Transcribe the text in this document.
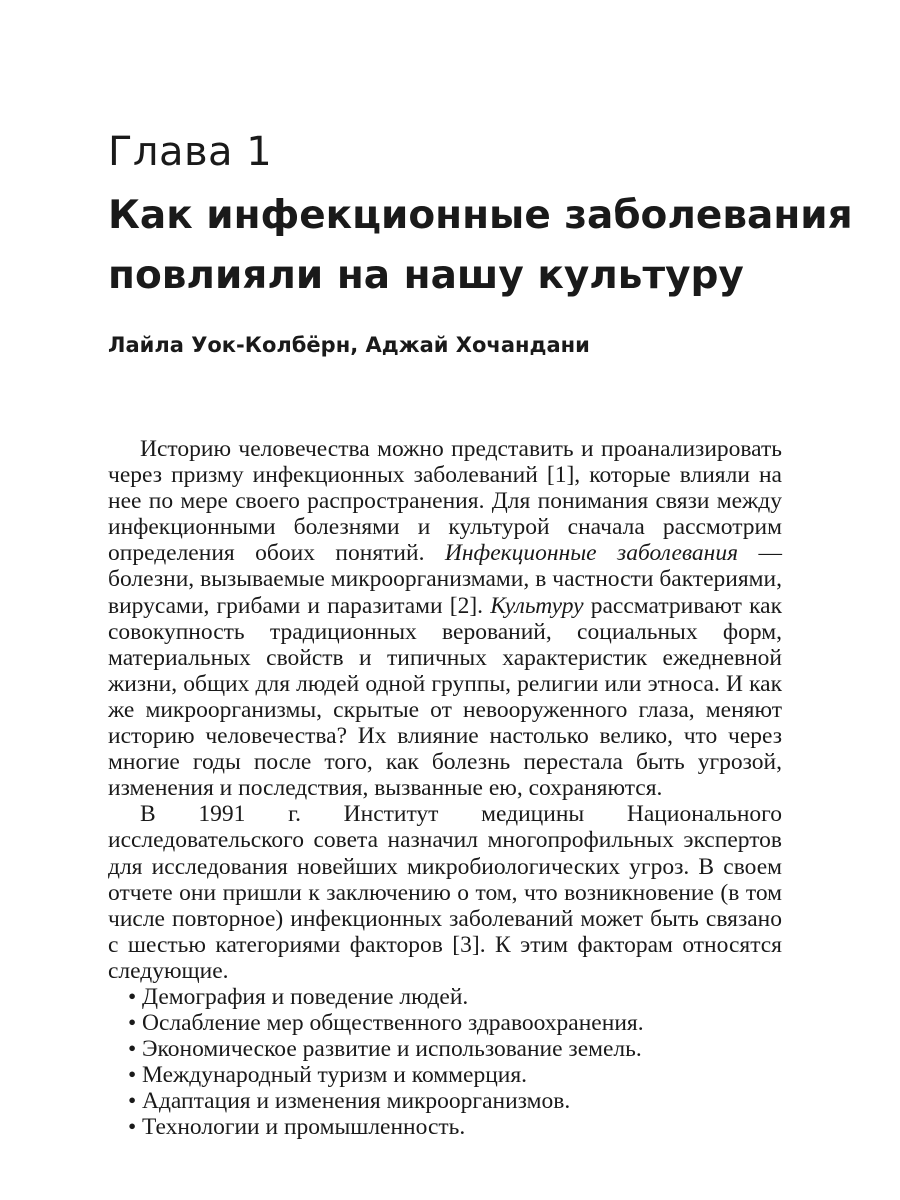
Глава 1
Как инфекционные заболевания
повлияли на нашу культуру

Лайла Уок-Колбёрн, Аджай Хочандани

Историю человечества можно представить и проанализировать через призму инфекционных заболеваний [1], которые влияли на нее по мере своего распространения. Для понимания связи между инфекционными болезнями и культурой сначала рассмотрим определения обоих понятий. Инфекционные заболевания — болезни, вызываемые микроорганизмами, в частности бактериями, вирусами, грибами и паразитами [2]. Культуру рассматривают как совокупность традиционных верований, социальных форм, материальных свойств и типичных характеристик ежедневной жизни, общих для людей одной группы, религии или этноса. И как же микроорганизмы, скрытые от невооруженного глаза, меняют историю человечества? Их влияние настолько велико, что через многие годы после того, как болезнь перестала быть угрозой, изменения и последствия, вызванные ею, сохраняются.

В 1991 г. Институт медицины Национального исследовательского совета назначил многопрофильных экспертов для исследования новейших микробиологических угроз. В своем отчете они пришли к заключению о том, что возникновение (в том числе повторное) инфекционных заболеваний может быть связано с шестью категориями факторов [3]. К этим факторам относятся следующие.

• Демография и поведение людей.
• Ослабление мер общественного здравоохранения.
• Экономическое развитие и использование земель.
• Международный туризм и коммерция.
• Адаптация и изменения микроорганизмов.
• Технологии и промышленность.
